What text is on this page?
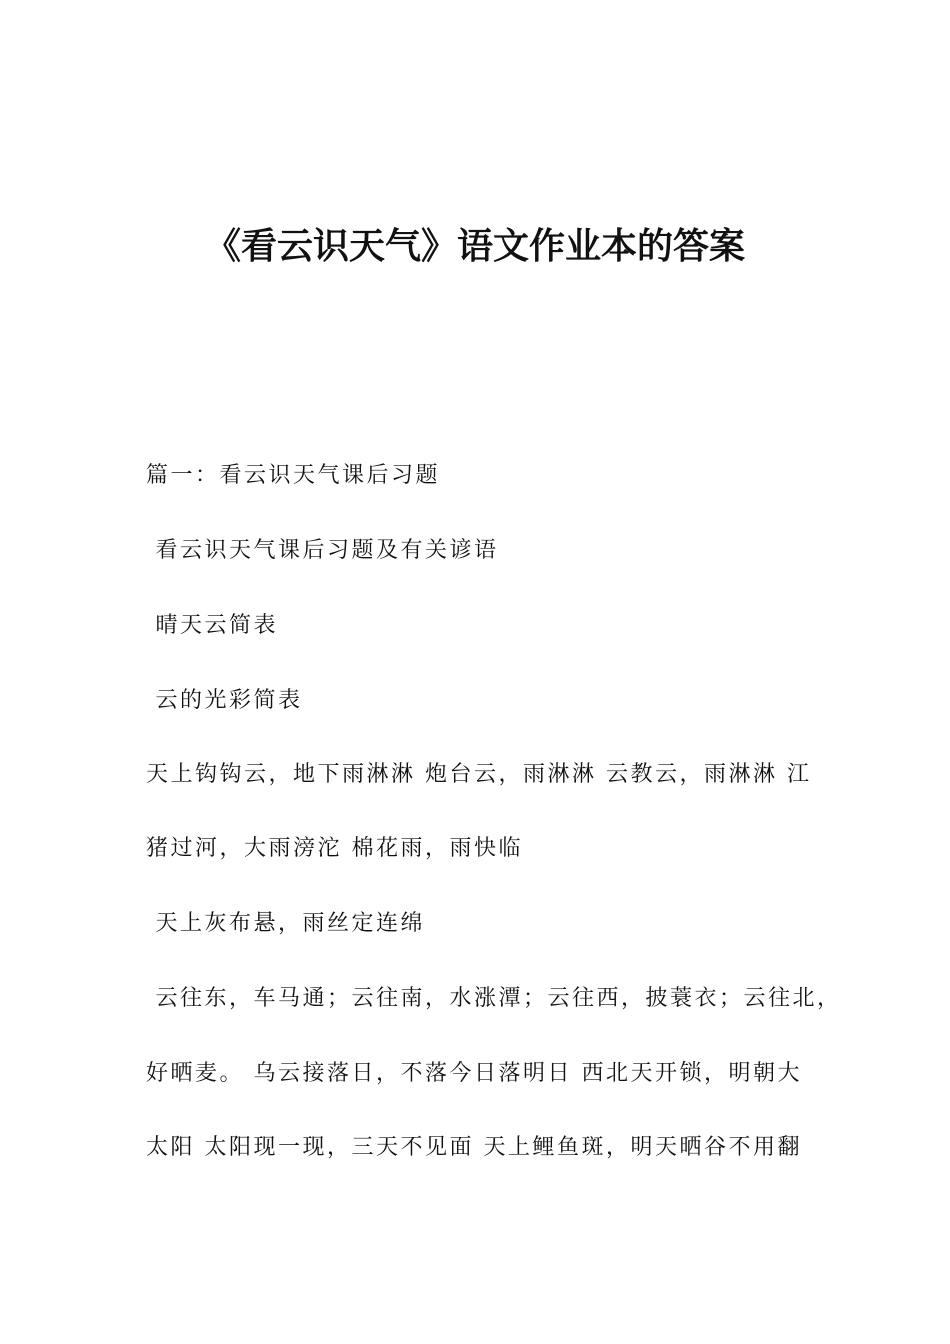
《看云识天气》语文作业本的答案
篇一：看云识天气课后习题
看云识天气课后习题及有关谚语
晴天云简表
云的光彩简表
天上钩钩云，地下雨淋淋 炮台云，雨淋淋 云教云，雨淋淋 江
猪过河，大雨滂沱 棉花雨，雨快临
天上灰布悬，雨丝定连绵
云往东，车马通；云往南，水涨潭；云往西，披蓑衣；云往北，
好晒麦。 乌云接落日，不落今日落明日 西北天开锁，明朝大
太阳 太阳现一现，三天不见面 天上鲤鱼斑，明天晒谷不用翻
